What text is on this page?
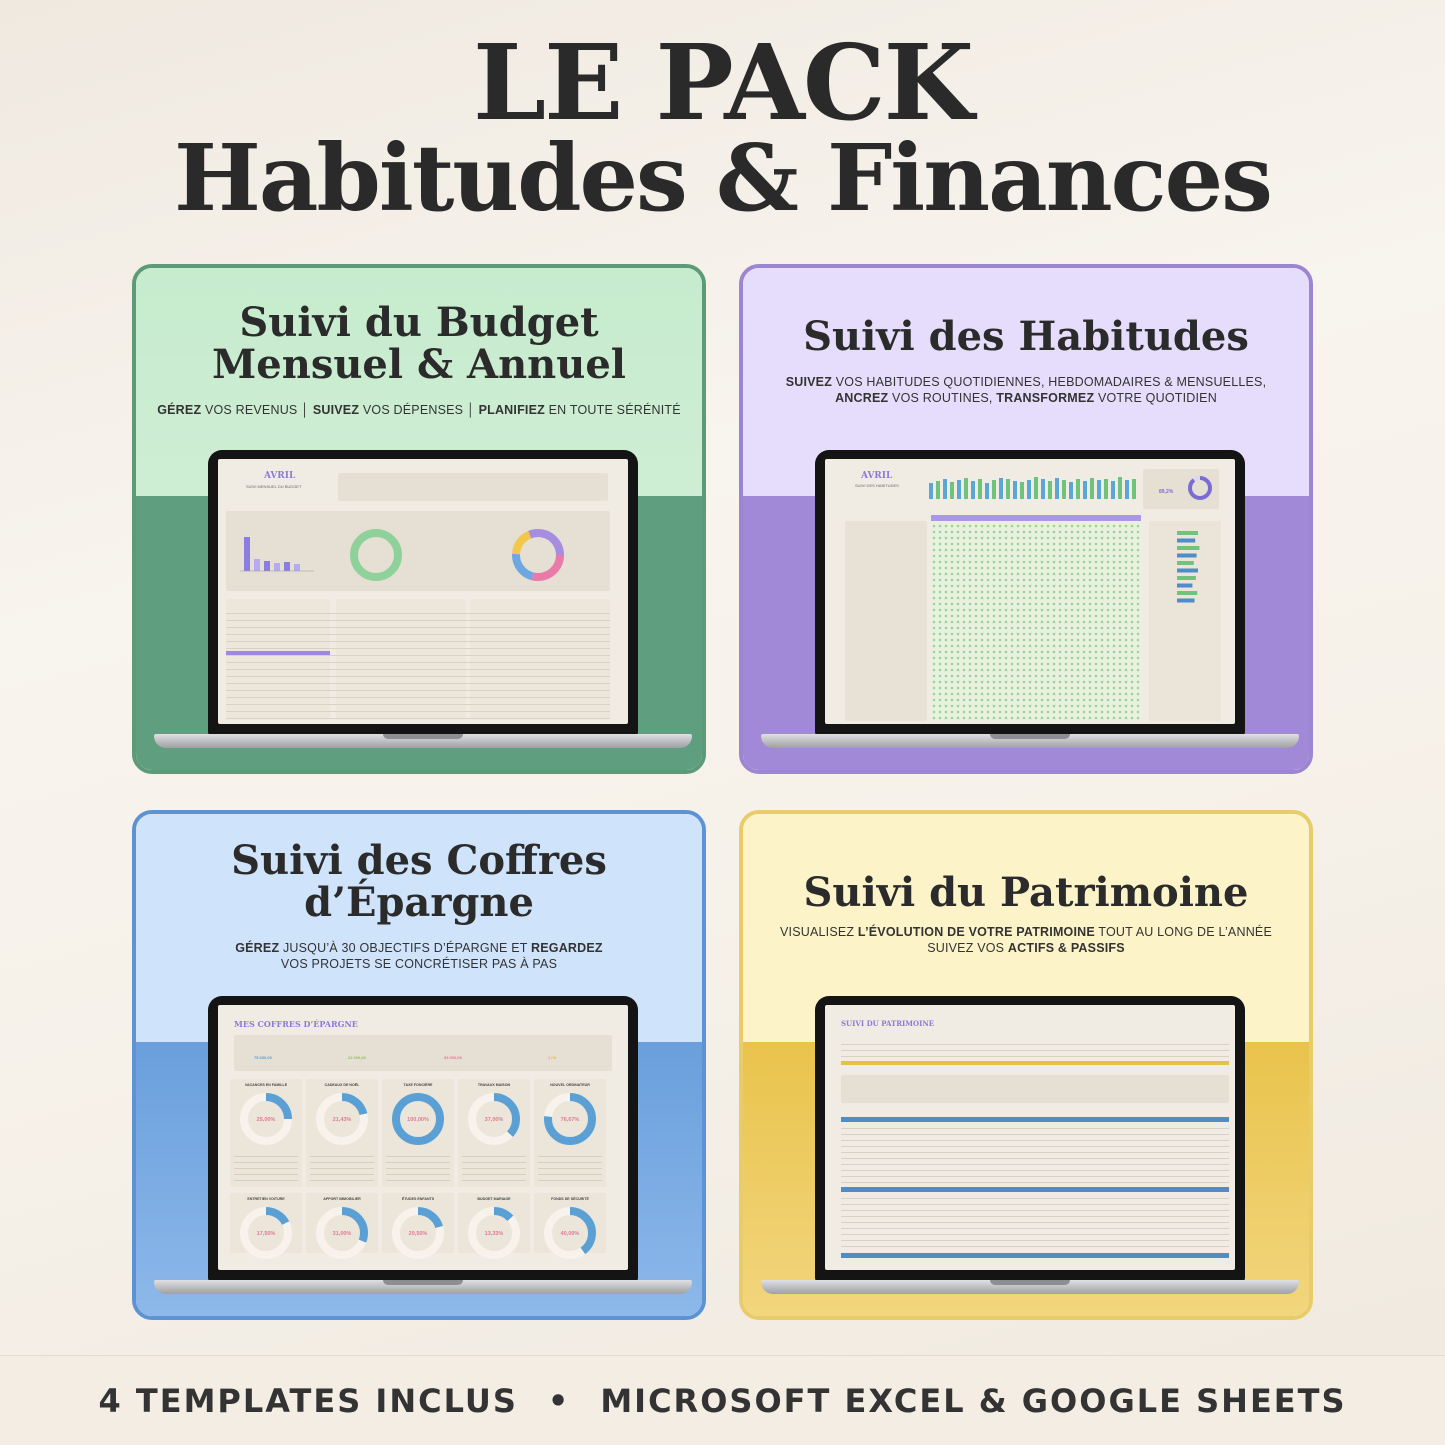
LE PACK
Habitudes & Finances
Suivi du Budget
Mensuel & Annuel
GÉREZ VOS REVENUS │ SUIVEZ VOS DÉPENSES │ PLANIFIEZ EN TOUTE SÉRÉNITÉ
AVRIL
SUIVI MENSUEL DU BUDGET
Suivi des Habitudes
SUIVEZ VOS HABITUDES QUOTIDIENNES, HEBDOMADAIRES & MENSUELLES,
ANCREZ VOS ROUTINES, TRANSFORMEZ VOTRE QUOTIDIEN
AVRIL
SUIVI DES HABITUDES
89,2%
Suivi des Coffres
d’Épargne
GÉREZ JUSQU’À 30 OBJECTIFS D’ÉPARGNE ET REGARDEZ
VOS PROJETS SE CONCRÉTISER PAS À PAS
MES COFFRES D’ÉPARGNE
75 650,00	22 200,00	53 000,00	1 / 8
VACANCES EN FAMILLE
25,00%
CADEAUX DE NOËL
21,43%
TAXE FONCIÈRE
100,00%
TRAVAUX MAISON
37,00%
NOUVEL ORDINATEUR
76,67%
ENTRETIEN VOITURE
17,50%
APPORT IMMOBILIER
31,00%
ÉTUDES ENFANTS
20,50%
BUDGET MARIAGE
13,33%
FONDS DE SÉCURITÉ
40,00%
Suivi du Patrimoine
VISUALISEZ L’ÉVOLUTION DE VOTRE PATRIMOINE TOUT AU LONG DE L’ANNÉE
SUIVEZ VOS ACTIFS & PASSIFS
SUIVI DU PATRIMOINE
4 TEMPLATES INCLUS • MICROSOFT EXCEL & GOOGLE SHEETS
